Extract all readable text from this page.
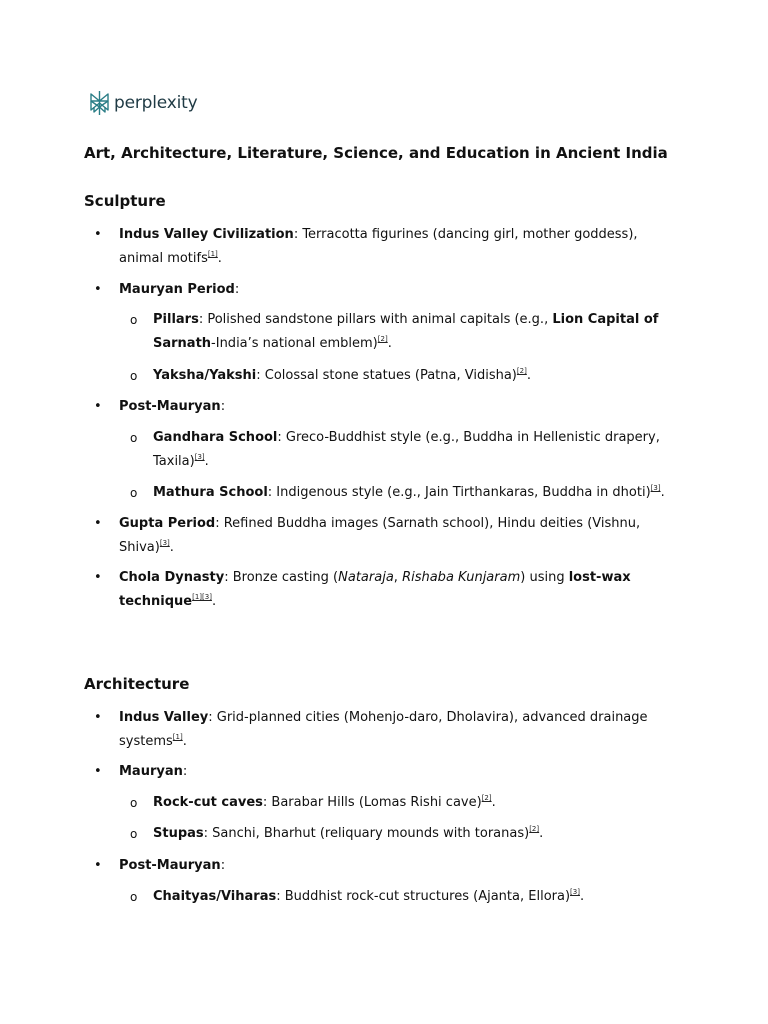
perplexity
Art, Architecture, Literature, Science, and Education in Ancient India
Sculpture
• Indus Valley Civilization: Terracotta figurines (dancing girl, mother goddess), animal motifs[1].
• Mauryan Period:
o Pillars: Polished sandstone pillars with animal capitals (e.g., Lion Capital of Sarnath-India’s national emblem)[2].
o Yaksha/Yakshi: Colossal stone statues (Patna, Vidisha)[2].
• Post-Mauryan:
o Gandhara School: Greco-Buddhist style (e.g., Buddha in Hellenistic drapery, Taxila)[3].
o Mathura School: Indigenous style (e.g., Jain Tirthankaras, Buddha in dhoti)[3].
• Gupta Period: Refined Buddha images (Sarnath school), Hindu deities (Vishnu, Shiva)[3].
• Chola Dynasty: Bronze casting (Nataraja, Rishaba Kunjaram) using lost-wax technique[1][3].
Architecture
• Indus Valley: Grid-planned cities (Mohenjo-daro, Dholavira), advanced drainage systems[1].
• Mauryan:
o Rock-cut caves: Barabar Hills (Lomas Rishi cave)[2].
o Stupas: Sanchi, Bharhut (reliquary mounds with toranas)[2].
• Post-Mauryan:
o Chaityas/Viharas: Buddhist rock-cut structures (Ajanta, Ellora)[3].
